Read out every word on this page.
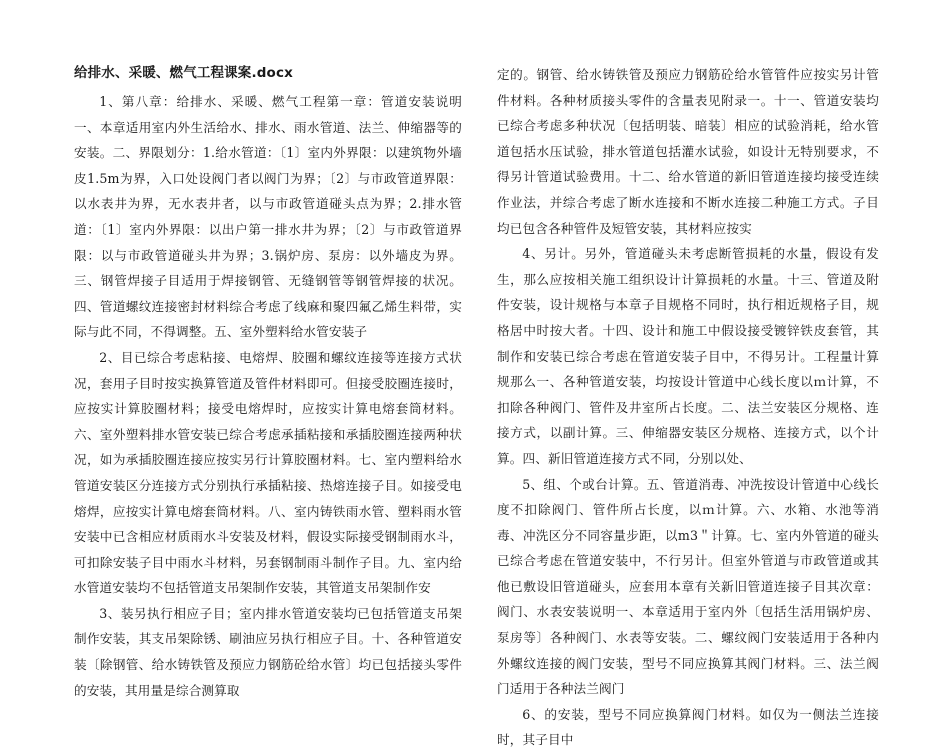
给排水、采暖、燃气工程课案.docx

1、第八章：给排水、采暖、燃气工程第一章：管道安装说明一、本章适用室内外生活给水、排水、雨水管道、法兰、伸缩器等的安装。二、界限划分：1.给水管道：〔1〕室内外界限：以建筑物外墙皮1.5m为界，入口处设阀门者以阀门为界；〔2〕与市政管道界限：以水表井为界，无水表井者，以与市政管道碰头点为界；2.排水管道：〔1〕室内外界限：以出户第一排水井为界；〔2〕与市政管道界限：以与市政管道碰头井为界；3.锅炉房、泵房：以外墙皮为界。三、钢管焊接子目适用于焊接钢管、无缝钢管等钢管焊接的状况。四、管道螺纹连接密封材料综合考虑了线麻和聚四氟乙烯生料带，实际与此不同，不得调整。五、室外塑料给水管安装子

2、目已综合考虑粘接、电熔焊、胶圈和螺纹连接等连接方式状况，套用子目时按实换算管道及管件材料即可。但接受胶圈连接时，应按实计算胶圈材料；接受电熔焊时，应按实计算电熔套筒材料。六、室外塑料排水管安装已综合考虑承插粘接和承插胶圈连接两种状况，如为承插胶圈连接应按实另行计算胶圈材料。七、室内塑料给水管道安装区分连接方式分别执行承插粘接、热熔连接子目。如接受电熔焊，应按实计算电熔套筒材料。八、室内铸铁雨水管、塑料雨水管安装中已含相应材质雨水斗安装及材料，假设实际接受钢制雨水斗，可扣除安装子目中雨水斗材料，另套钢制雨斗制作子目。九、室内给水管道安装均不包括管道支吊架制作安装，其管道支吊架制作安

3、装另执行相应子目；室内排水管道安装均已包括管道支吊架制作安装，其支吊架除锈、刷油应另执行相应子目。十、各种管道安装〔除钢管、给水铸铁管及预应力钢筋砼给水管〕均已包括接头零件的安装，其用量是综合测算取

定的。钢管、给水铸铁管及预应力钢筋砼给水管管件应按实另计管件材料。各种材质接头零件的含量表见附录一。十一、管道安装均已综合考虑多种状况〔包括明装、暗装〕相应的试验消耗，给水管道包括水压试验，排水管道包括灌水试验，如设计无特别要求，不得另计管道试验费用。十二、给水管道的新旧管道连接均接受连续作业法，并综合考虑了断水连接和不断水连接二种施工方式。子目均已包含各种管件及短管安装，其材料应按实

4、另计。另外，管道碰头未考虑断管损耗的水量，假设有发生，那么应按相关施工组织设计计算损耗的水量。十三、管道及附件安装，设计规格与本章子目规格不同时，执行相近规格子目，规格居中时按大者。十四、设计和施工中假设接受镀锌铁皮套管，其制作和安装已综合考虑在管道安装子目中，不得另计。工程量计算规那么一、各种管道安装，均按设计管道中心线长度以ｍ计算，不扣除各种阀门、管件及井室所占长度。二、法兰安装区分规格、连接方式，以副计算。三、伸缩器安装区分规格、连接方式，以个计算。四、新旧管道连接方式不同，分别以处、

5、组、个或台计算。五、管道消毒、冲洗按设计管道中心线长度不扣除阀门、管件所占长度，以ｍ计算。六、水箱、水池等消毒、冲洗区分不同容量步距，以m3＂计算。七、室内外管道的碰头已综合考虑在管道安装中，不行另计。但室外管道与市政管道或其他已敷设旧管道碰头，应套用本章有关新旧管道连接子目其次章：阀门、水表安装说明一、本章适用于室内外〔包括生活用锅炉房、泵房等〕各种阀门、水表等安装。二、螺纹阀门安装适用于各种内外螺纹连接的阀门安装，型号不同应换算其阀门材料。三、法兰阀门适用于各种法兰阀门

6、的安装，型号不同应换算阀门材料。如仅为一侧法兰连接时，其子目中
